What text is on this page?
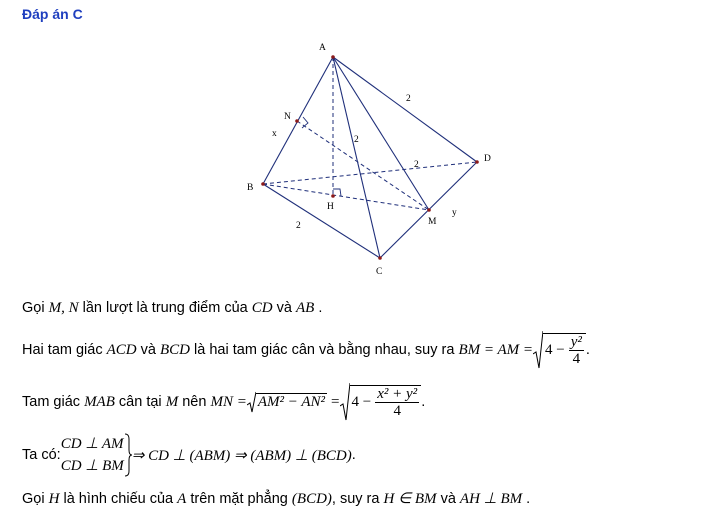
Đáp án C
A
B
C
D
M
N
H
x
y
2
2
2
2
Gọi M, N lần lượt là trung điểm của CD và AB .
Hai tam giác
ACD
và
BCD
là hai tam giác cân và bằng nhau, suy ra
BM = AM = 4 −
$\frac{\text{y²}}{4}$ .
Tam giác
MAB
cân tại
M
nên
MN = AM² − AN²
= 4 −
$\frac{\text{x² + y²}}{4}$ .
Ta có:
CD ⊥ AM
CD ⊥ BM
⇒ CD ⊥ (ABM) ⇒ (ABM) ⊥ (BCD) .
Gọi H là hình chiếu của A trên mặt phẳng (BCD), suy ra H ∈ BM và AH ⊥ BM .
